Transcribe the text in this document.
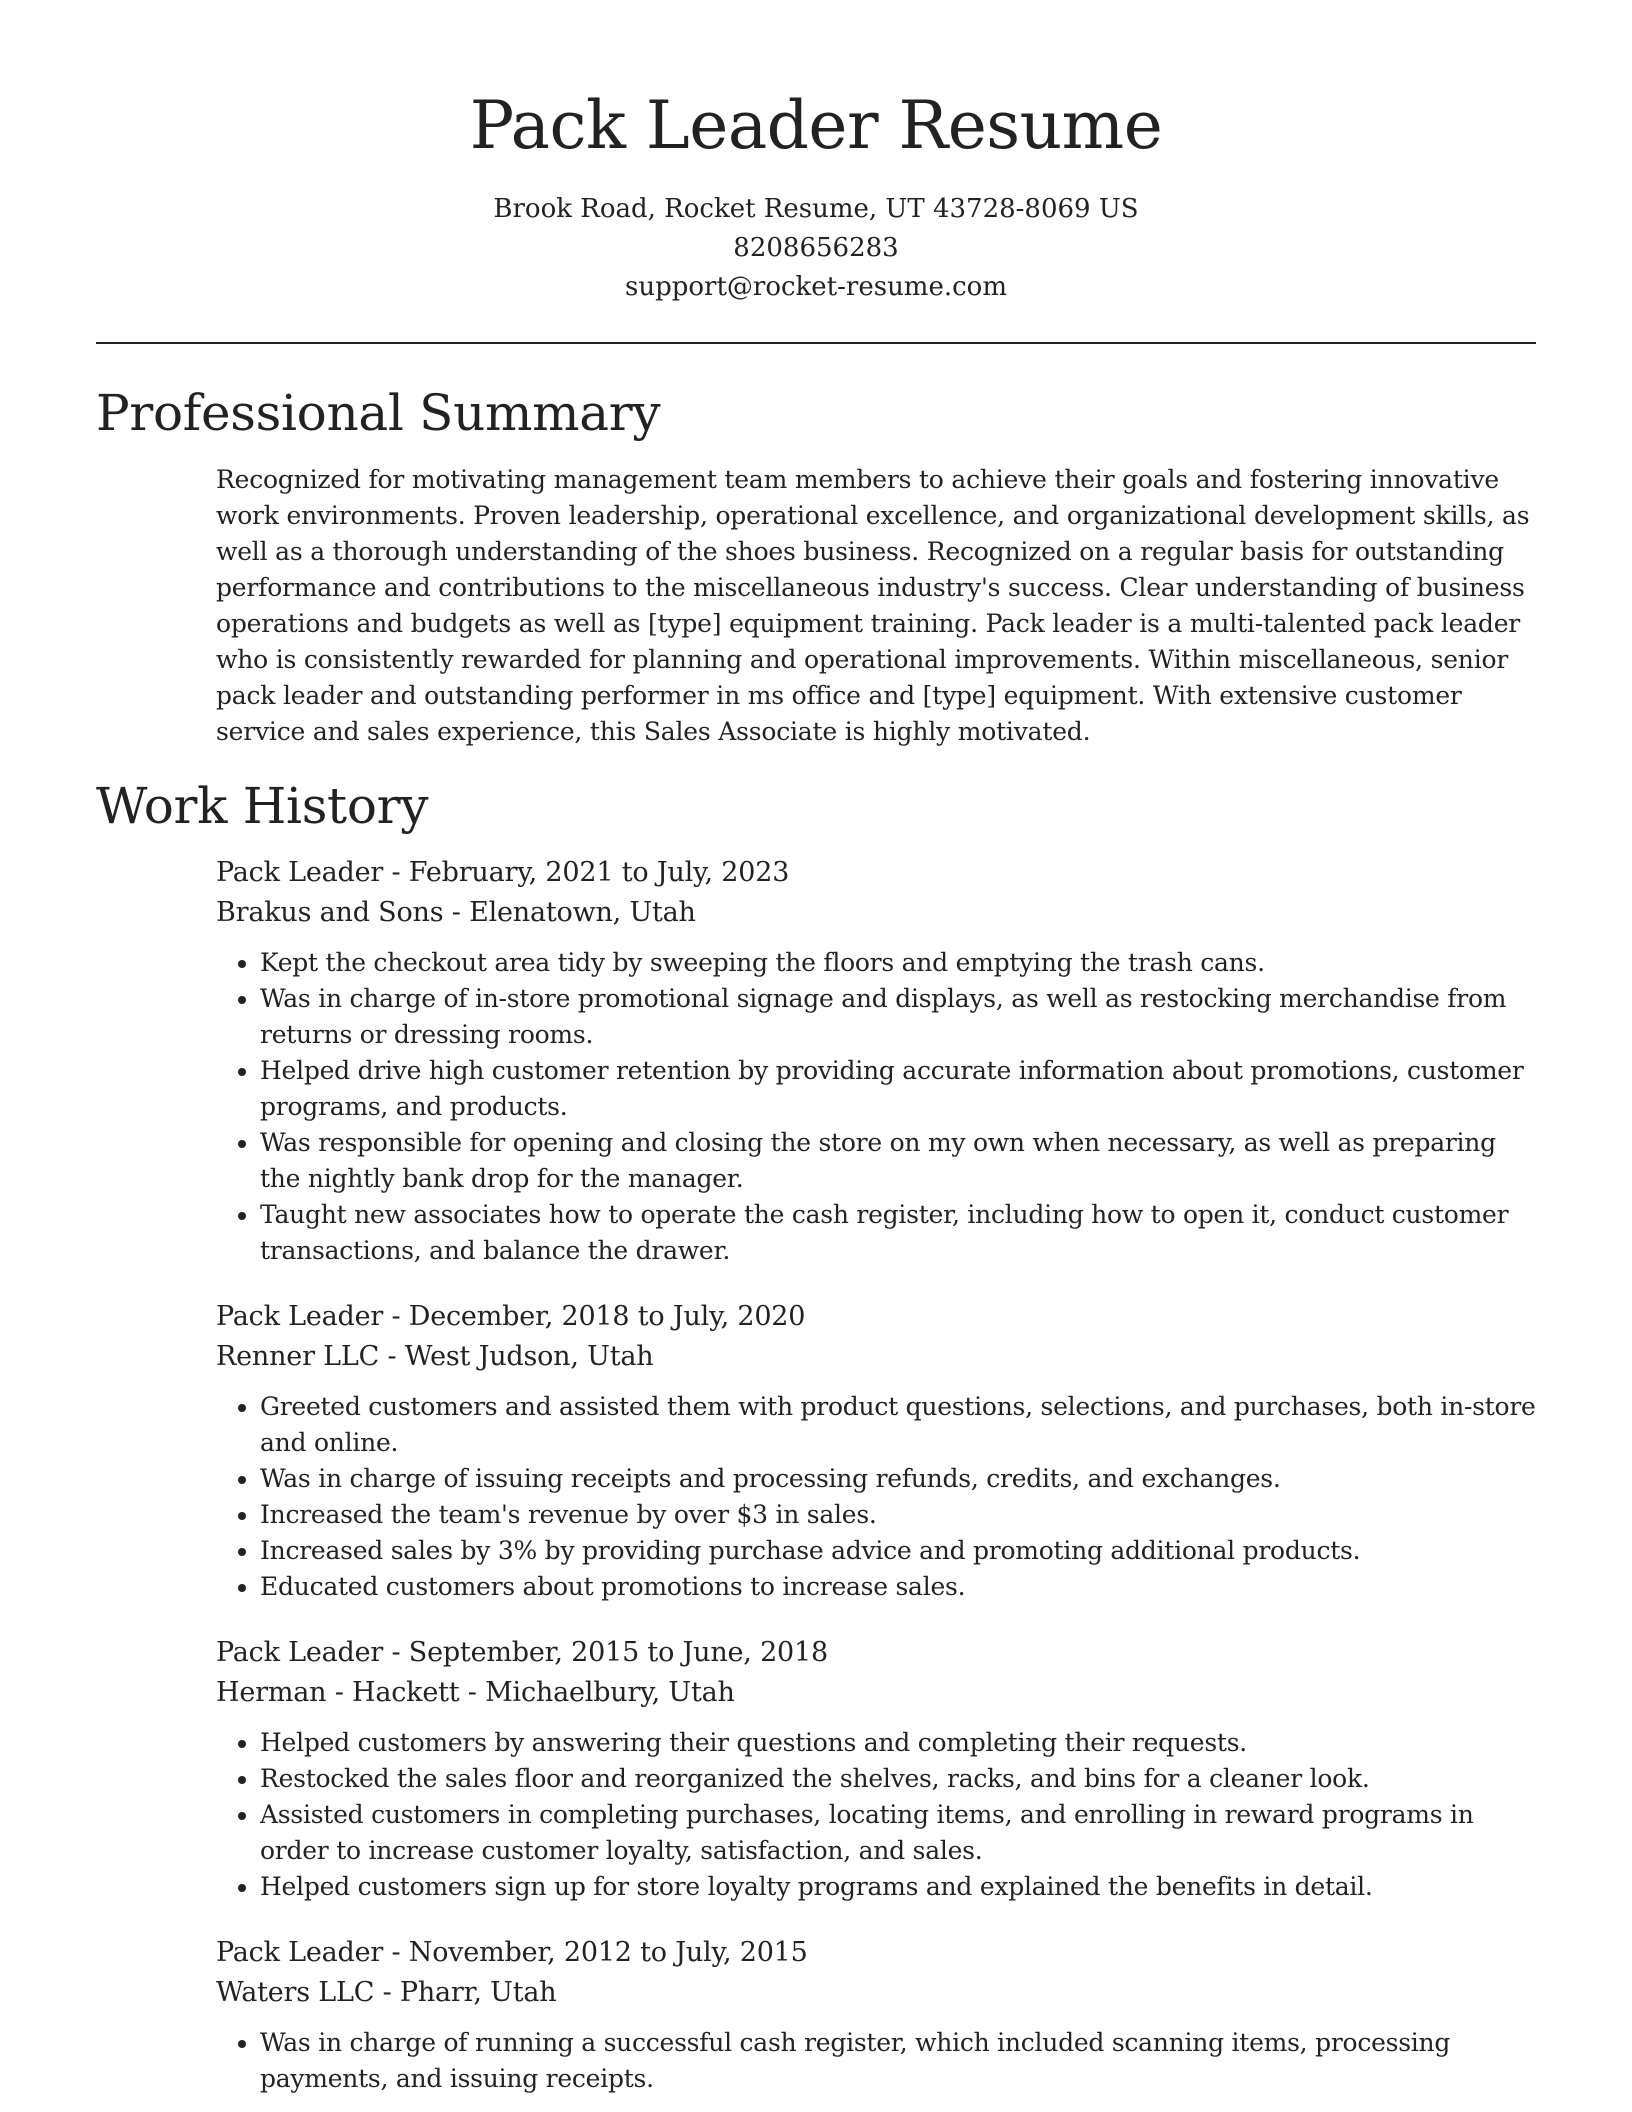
Pack Leader Resume
Brook Road, Rocket Resume, UT 43728-8069 US
8208656283
support@rocket-resume.com
Professional Summary

Recognized for motivating management team members to achieve their goals and fostering innovative work environments. Proven leadership, operational excellence, and organizational development skills, as well as a thorough understanding of the shoes business. Recognized on a regular basis for outstanding performance and contributions to the miscellaneous industry's success. Clear understanding of business operations and budgets as well as [type] equipment training. Pack leader is a multi-talented pack leader who is consistently rewarded for planning and operational improvements. Within miscellaneous, senior pack leader and outstanding performer in ms office and [type] equipment. With extensive customer service and sales experience, this Sales Associate is highly motivated.

Work History
Pack Leader - February, 2021 to July, 2023
Brakus and Sons - Elenatown, Utah
• Kept the checkout area tidy by sweeping the floors and emptying the trash cans.
• Was in charge of in-store promotional signage and displays, as well as restocking merchandise from returns or dressing rooms.
• Helped drive high customer retention by providing accurate information about promotions, customer programs, and products.
• Was responsible for opening and closing the store on my own when necessary, as well as preparing the nightly bank drop for the manager.
• Taught new associates how to operate the cash register, including how to open it, conduct customer transactions, and balance the drawer.
Pack Leader - December, 2018 to July, 2020
Renner LLC - West Judson, Utah
• Greeted customers and assisted them with product questions, selections, and purchases, both in-store and online.
• Was in charge of issuing receipts and processing refunds, credits, and exchanges.
• Increased the team's revenue by over $3 in sales.
• Increased sales by 3% by providing purchase advice and promoting additional products.
• Educated customers about promotions to increase sales.
Pack Leader - September, 2015 to June, 2018
Herman - Hackett - Michaelbury, Utah
• Helped customers by answering their questions and completing their requests.
• Restocked the sales floor and reorganized the shelves, racks, and bins for a cleaner look.
• Assisted customers in completing purchases, locating items, and enrolling in reward programs in order to increase customer loyalty, satisfaction, and sales.
• Helped customers sign up for store loyalty programs and explained the benefits in detail.
Pack Leader - November, 2012 to July, 2015
Waters LLC - Pharr, Utah
• Was in charge of running a successful cash register, which included scanning items, processing payments, and issuing receipts.
